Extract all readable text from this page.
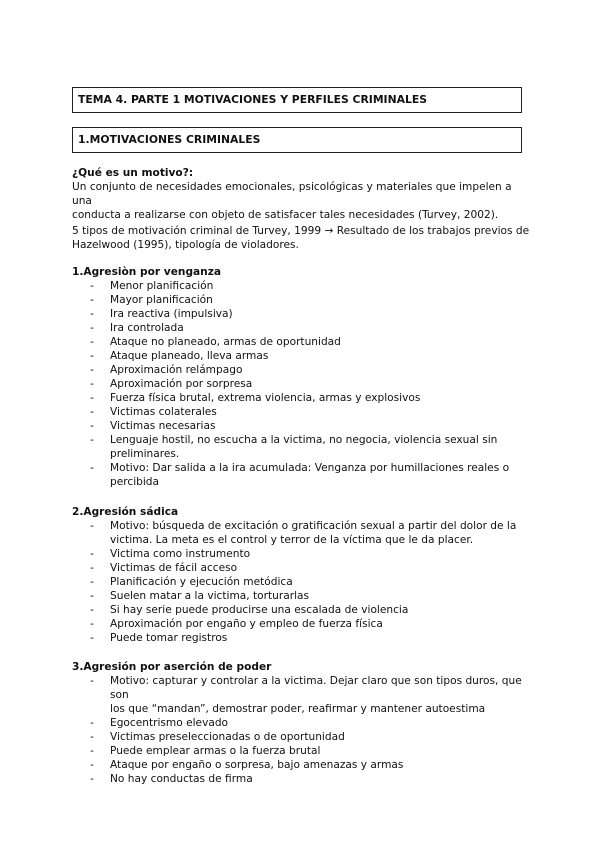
TEMA 4. PARTE 1 MOTIVACIONES Y PERFILES CRIMINALES
1.MOTIVACIONES CRIMINALES
¿Qué es un motivo?:
Un conjunto de necesidades emocionales, psicológicas y materiales que impelen a una
conducta a realizarse con objeto de satisfacer tales necesidades (Turvey, 2002).
5 tipos de motivación criminal de Turvey, 1999 → Resultado de los trabajos previos de
Hazelwood (1995), tipología de violadores.
1.Agresiòn por venganza
- Menor planificación
- Mayor planificación
- Ira reactiva (impulsiva)
- Ira controlada
- Ataque no planeado, armas de oportunidad
- Ataque planeado, lleva armas
- Aproximación relámpago
- Aproximación por sorpresa
- Fuerza física brutal, extrema violencia, armas y explosivos
- Victimas colaterales
- Victimas necesarias
- Lenguaje hostil, no escucha a la victima, no negocia, violencia sexual sin
preliminares.
- Motivo: Dar salida a la ira acumulada: Venganza por humillaciones reales o
percibida
2.Agresión sádica
- Motivo: búsqueda de excitación o gratificación sexual a partir del dolor de la
victima. La meta es el control y terror de la víctima que le da placer.
- Victima como instrumento
- Victimas de fácil acceso
- Planificación y ejecución metódica
- Suelen matar a la victima, torturarlas
- Si hay serie puede producirse una escalada de violencia
- Aproximación por engaño y empleo de fuerza física
- Puede tomar registros
3.Agresión por aserción de poder
- Motivo: capturar y controlar a la victima. Dejar claro que son tipos duros, que son
los que “mandan”, demostrar poder, reafirmar y mantener autoestima
- Egocentrismo elevado
- Victimas preseleccionadas o de oportunidad
- Puede emplear armas o la fuerza brutal
- Ataque por engaño o sorpresa, bajo amenazas y armas
- No hay conductas de firma
